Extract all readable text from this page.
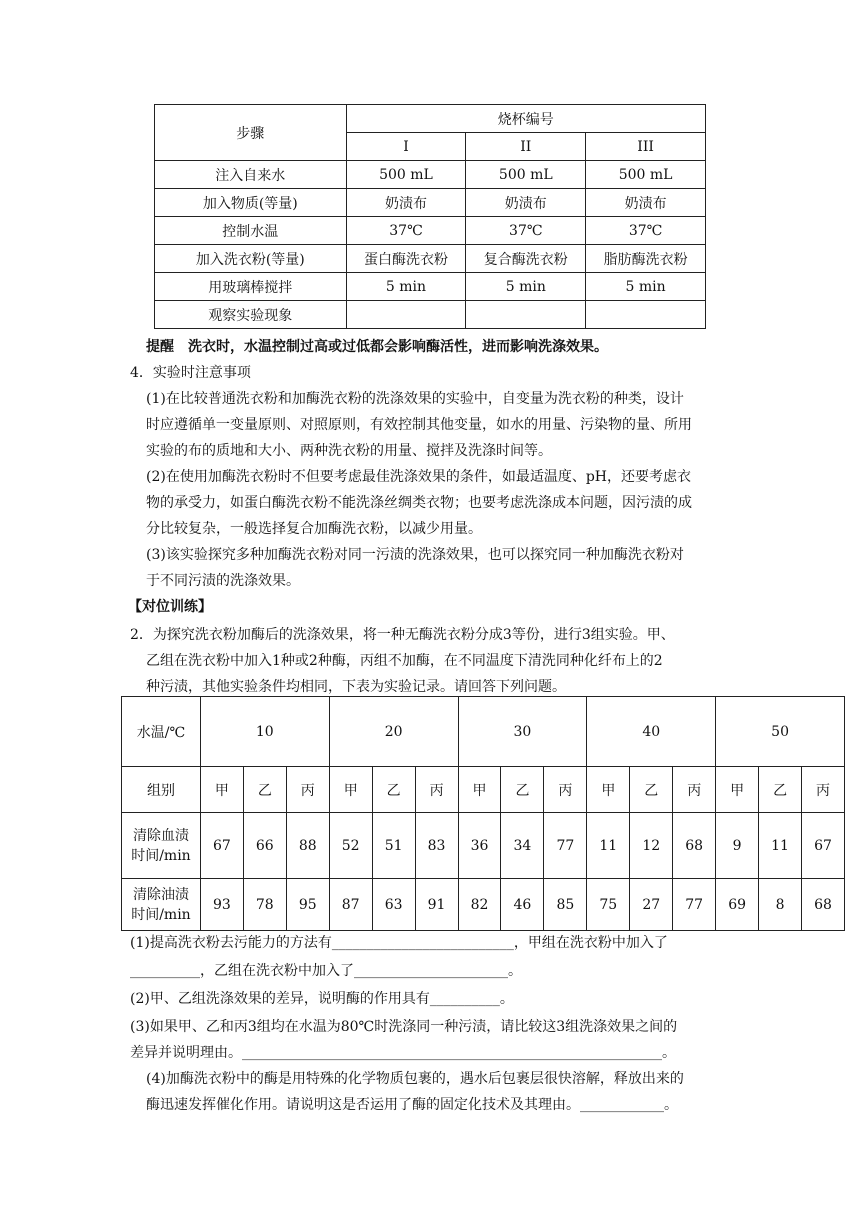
步骤	烧杯编号		
	I	II	III
注入自来水	500 mL	500 mL	500 mL
加入物质(等量)	奶渍布	奶渍布	奶渍布
控制水温	37℃	37℃	37℃
加入洗衣粉(等量)	蛋白酶洗衣粉	复合酶洗衣粉	脂肪酶洗衣粉
用玻璃棒搅拌	5 min	5 min	5 min
观察实验现象			
提醒 洗衣时，水温控制过高或过低都会影响酶活性，进而影响洗涤效果。
4．实验时注意事项
(1)在比较普通洗衣粉和加酶洗衣粉的洗涤效果的实验中，自变量为洗衣粉的种类，设计
时应遵循单一变量原则、对照原则，有效控制其他变量，如水的用量、污染物的量、所用
实验的布的质地和大小、两种洗衣粉的用量、搅拌及洗涤时间等。
(2)在使用加酶洗衣粉时不但要考虑最佳洗涤效果的条件，如最适温度、pH，还要考虑衣
物的承受力，如蛋白酶洗衣粉不能洗涤丝绸类衣物；也要考虑洗涤成本问题，因污渍的成
分比较复杂，一般选择复合加酶洗衣粉，以减少用量。
(3)该实验探究多种加酶洗衣粉对同一污渍的洗涤效果，也可以探究同一种加酶洗衣粉对
于不同污渍的洗涤效果。
【对位训练】
2．为探究洗衣粉加酶后的洗涤效果，将一种无酶洗衣粉分成3等份，进行3组实验。甲、
乙组在洗衣粉中加入1种或2种酶，丙组不加酶，在不同温度下清洗同种化纤布上的2
种污渍，其他实验条件均相同，下表为实验记录。请回答下列问题。
水温/℃	10			20			30			40			50		
组别	甲	乙	丙	甲	乙	丙	甲	乙	丙	甲	乙	丙	甲	乙	丙
清除血渍
时间/min	67	66	88	52	51	83	36	34	77	11	12	68	9	11	67
清除油渍
时间/min	93	78	95	87	63	91	82	46	85	75	27	77	69	8	68
(1)提高洗衣粉去污能力的方法有__________________________，甲组在洗衣粉中加入了
__________，乙组在洗衣粉中加入了______________________。
(2)甲、乙组洗涤效果的差异，说明酶的作用具有__________。
(3)如果甲、乙和丙3组均在水温为80℃时洗涤同一种污渍，请比较这3组洗涤效果之间的
差异并说明理由。____________________________________________________________。
(4)加酶洗衣粉中的酶是用特殊的化学物质包裹的，遇水后包裹层很快溶解，释放出来的
酶迅速发挥催化作用。请说明这是否运用了酶的固定化技术及其理由。____________。
